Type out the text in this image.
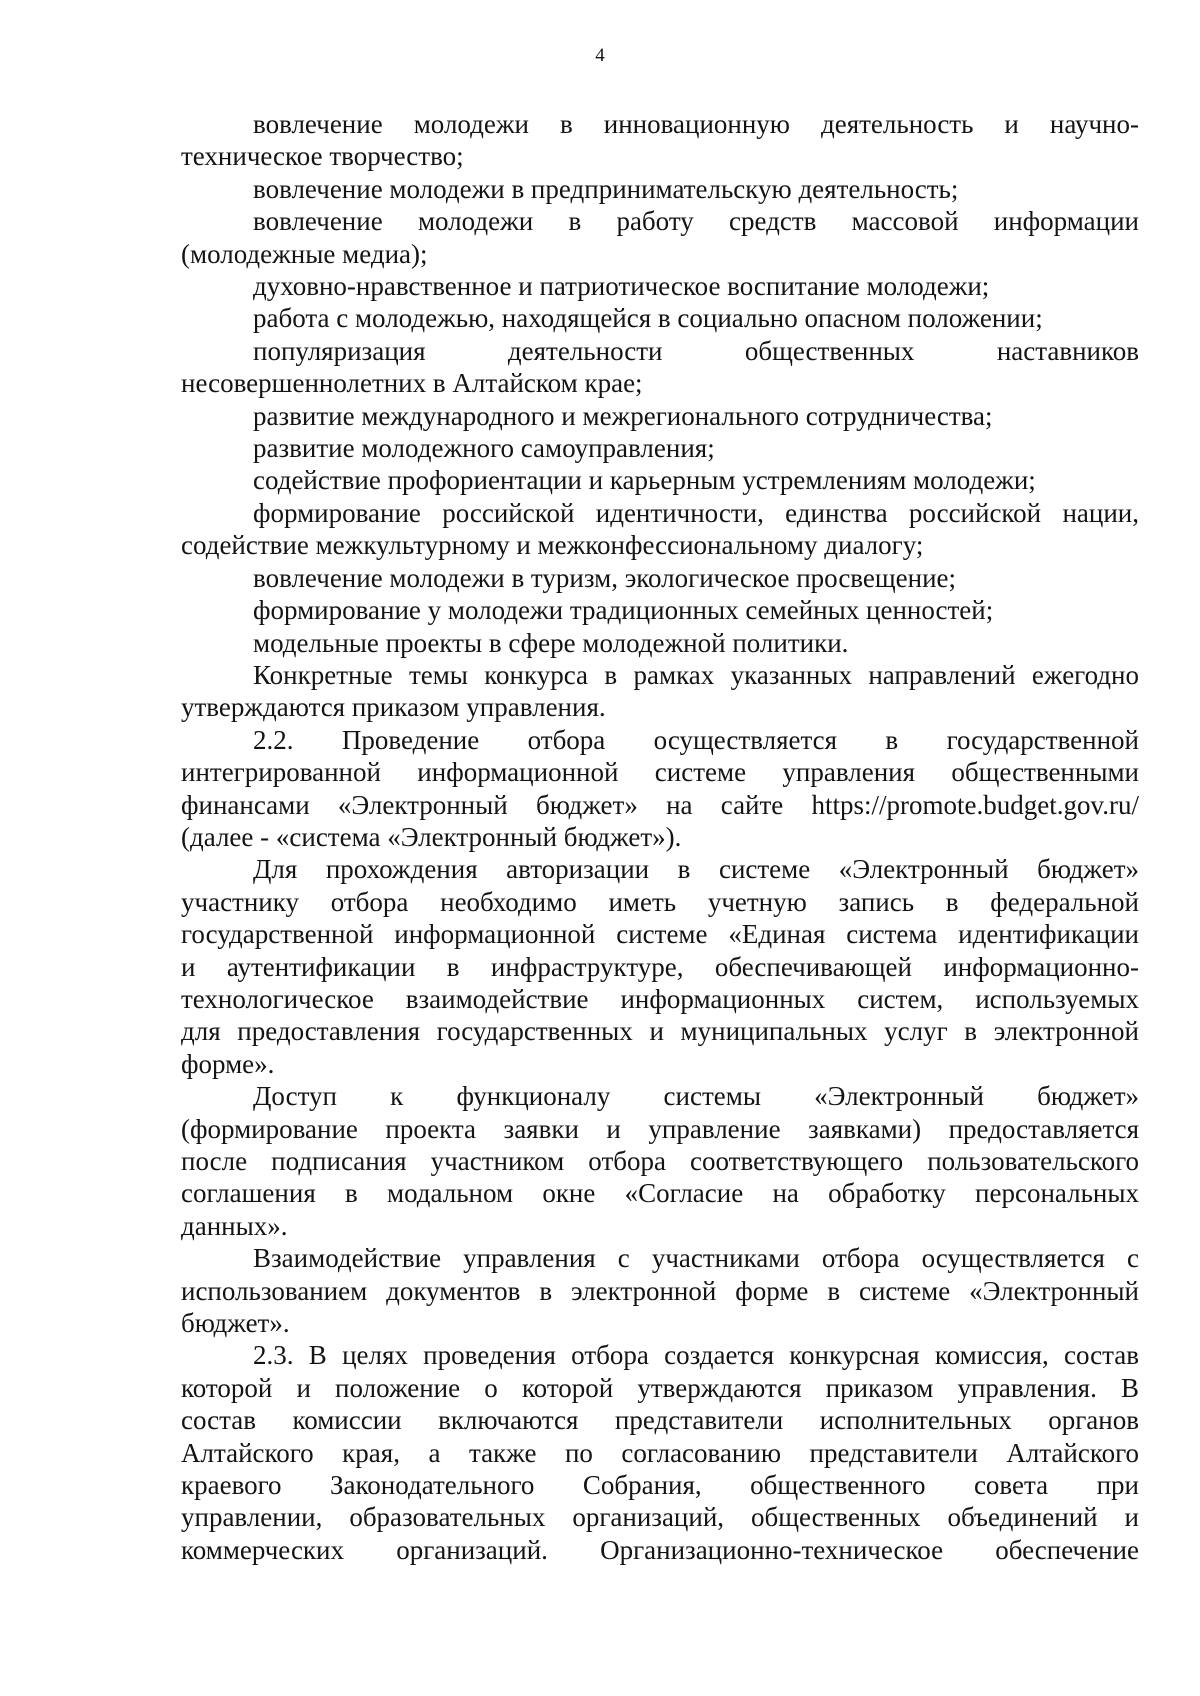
4
вовлечение молодежи в инновационную деятельность и научно-
техническое творчество;
вовлечение молодежи в предпринимательскую деятельность;
вовлечение молодежи в работу средств массовой информации
(молодежные медиа);
духовно-нравственное и патриотическое воспитание молодежи;
работа с молодежью, находящейся в социально опасном положении;
популяризация деятельности общественных наставников
несовершеннолетних в Алтайском крае;
развитие международного и межрегионального сотрудничества;
развитие молодежного самоуправления;
содействие профориентации и карьерным устремлениям молодежи;
формирование российской идентичности, единства российской нации,
содействие межкультурному и межконфессиональному диалогу;
вовлечение молодежи в туризм, экологическое просвещение;
формирование у молодежи традиционных семейных ценностей;
модельные проекты в сфере молодежной политики.
Конкретные темы конкурса в рамках указанных направлений ежегодно
утверждаются приказом управления.
2.2. Проведение отбора осуществляется в государственной
интегрированной информационной системе управления общественными
финансами «Электронный бюджет» на сайте https://promote.budget.gov.ru/
(далее - «система «Электронный бюджет»).
Для прохождения авторизации в системе «Электронный бюджет»
участнику отбора необходимо иметь учетную запись в федеральной
государственной информационной системе «Единая система идентификации
и аутентификации в инфраструктуре, обеспечивающей информационно-
технологическое взаимодействие информационных систем, используемых
для предоставления государственных и муниципальных услуг в электронной
форме».
Доступ к функционалу системы «Электронный бюджет»
(формирование проекта заявки и управление заявками) предоставляется
после подписания участником отбора соответствующего пользовательского
соглашения в модальном окне «Согласие на обработку персональных
данных».
Взаимодействие управления с участниками отбора осуществляется с
использованием документов в электронной форме в системе «Электронный
бюджет».
2.3. В целях проведения отбора создается конкурсная комиссия, состав
которой и положение о которой утверждаются приказом управления. В
состав комиссии включаются представители исполнительных органов
Алтайского края, а также по согласованию представители Алтайского
краевого Законодательного Собрания, общественного совета при
управлении, образовательных организаций, общественных объединений и
коммерческих организаций. Организационно-техническое обеспечение
